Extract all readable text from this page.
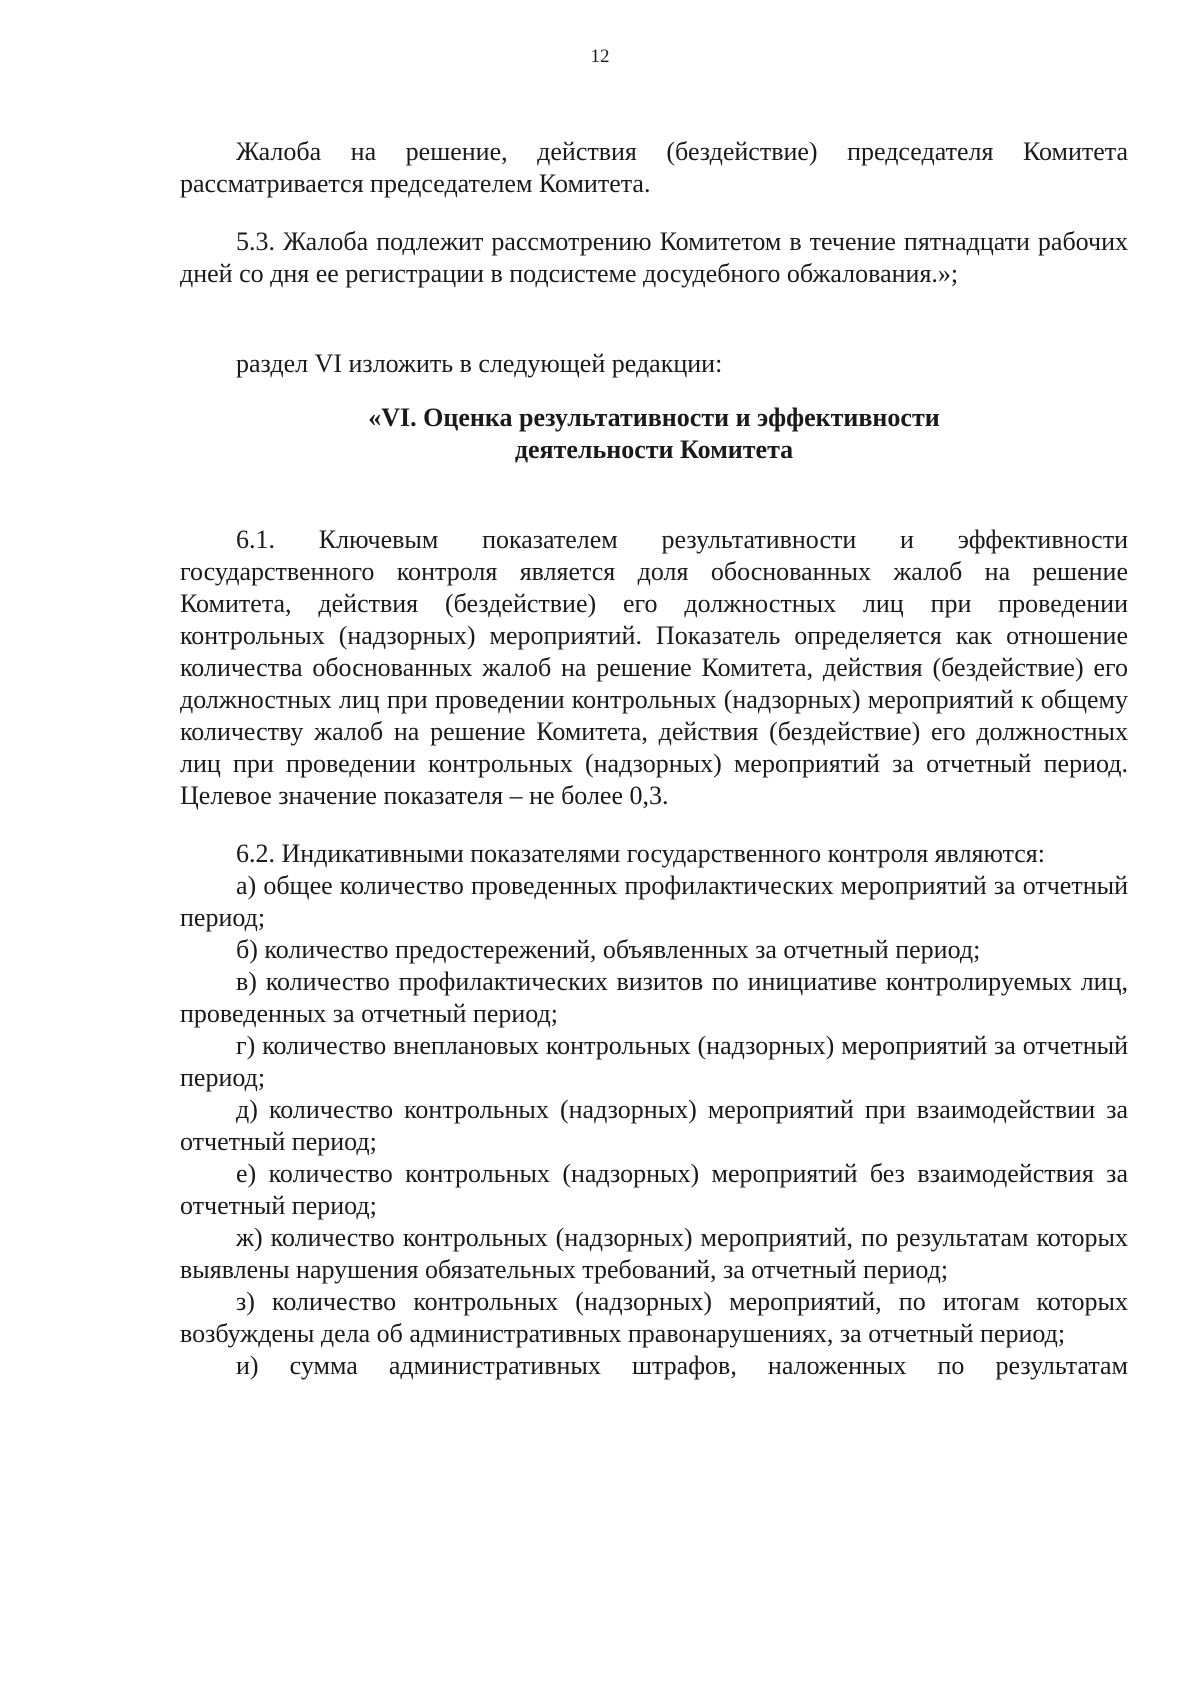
12

Жалоба на решение, действия (бездействие) председателя Комитета рассматривается председателем Комитета.

5.3. Жалоба подлежит рассмотрению Комитетом в течение пятнадцати рабочих дней со дня ее регистрации в подсистеме досудебного обжалования.»;

раздел VI изложить в следующей редакции:

«VI. Оценка результативности и эффективности
деятельности Комитета

6.1. Ключевым показателем результативности и эффективности государственного контроля является доля обоснованных жалоб на решение Комитета, действия (бездействие) его должностных лиц при проведении контрольных (надзорных) мероприятий. Показатель определяется как отношение количества обоснованных жалоб на решение Комитета, действия (бездействие) его должностных лиц при проведении контрольных (надзорных) мероприятий к общему количеству жалоб на решение Комитета, действия (бездействие) его должностных лиц при проведении контрольных (надзорных) мероприятий за отчетный период. Целевое значение показателя – не более 0,3.

6.2. Индикативными показателями государственного контроля являются:

а) общее количество проведенных профилактических мероприятий за отчетный период;

б) количество предостережений, объявленных за отчетный период;

в) количество профилактических визитов по инициативе контролируемых лиц, проведенных за отчетный период;

г) количество внеплановых контрольных (надзорных) мероприятий за отчетный период;

д) количество контрольных (надзорных) мероприятий при взаимодействии за отчетный период;

е) количество контрольных (надзорных) мероприятий без взаимодействия за отчетный период;

ж) количество контрольных (надзорных) мероприятий, по результатам которых выявлены нарушения обязательных требований, за отчетный период;

з) количество контрольных (надзорных) мероприятий, по итогам которых возбуждены дела об административных правонарушениях, за отчетный период;

и) сумма административных штрафов, наложенных по результатам
